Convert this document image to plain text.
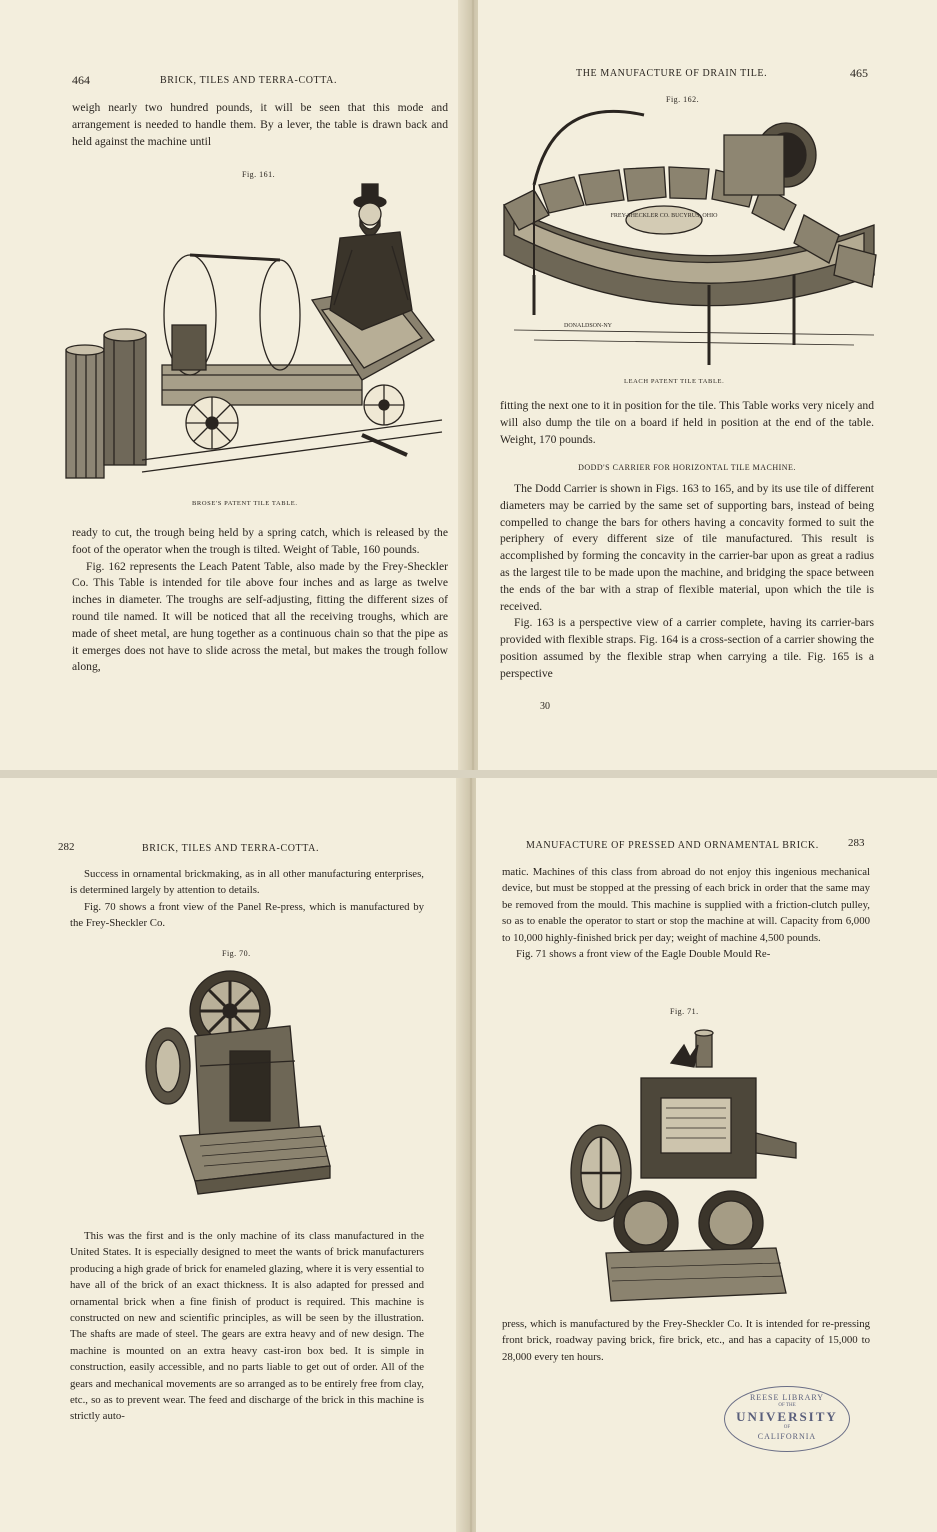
464	BRICK, TILES AND TERRA-COTTA.
weigh nearly two hundred pounds, it will be seen that this mode and arrangement is needed to handle them. By a lever, the table is drawn back and held against the machine until
Fig. 161.
BROSE'S PATENT TILE TABLE.

ready to cut, the trough being held by a spring catch, which is released by the foot of the operator when the trough is tilted. Weight of Table, 160 pounds.

Fig. 162 represents the Leach Patent Table, also made by the Frey-Sheckler Co. This Table is intended for tile above four inches and as large as twelve inches in diameter. The troughs are self-adjusting, fitting the different sizes of round tile named. It will be noticed that all the receiving troughs, which are made of sheet metal, are hung together as a continuous chain so that the pipe as it emerges does not have to slide across the metal, but makes the trough follow along,

THE MANUFACTURE OF DRAIN TILE.	465
Fig. 162.
FREY-SHECKLER CO. BUCYRUS, OHIO
DONALDSON-NY
LEACH PATENT TILE TABLE.
fitting the next one to it in position for the tile. This Table works very nicely and will also dump the tile on a board if held in position at the end of the table. Weight, 170 pounds.
DODD'S CARRIER FOR HORIZONTAL TILE MACHINE.

The Dodd Carrier is shown in Figs. 163 to 165, and by its use tile of different diameters may be carried by the same set of supporting bars, instead of being compelled to change the bars for others having a concavity formed to suit the periphery of every different size of tile manufactured. This result is accomplished by forming the concavity in the carrier-bar upon as great a radius as the largest tile to be made upon the machine, and bridging the space between the ends of the bar with a strap of flexible material, upon which the tile is received.

Fig. 163 is a perspective view of a carrier complete, having its carrier-bars provided with flexible straps. Fig. 164 is a cross-section of a carrier showing the position assumed by the flexible strap when carrying a tile. Fig. 165 is a perspective

30
282	BRICK, TILES AND TERRA-COTTA.

Success in ornamental brickmaking, as in all other manufacturing enterprises, is determined largely by attention to details.

Fig. 70 shows a front view of the Panel Re-press, which is manufactured by the Frey-Sheckler Co.

Fig. 70.
This was the first and is the only machine of its class manufactured in the United States. It is especially designed to meet the wants of brick manufacturers producing a high grade of brick for enameled glazing, where it is very essential to have all of the brick of an exact thickness. It is also adapted for pressed and ornamental brick when a fine finish of product is required. This machine is constructed on new and scientific principles, as will be seen by the illustration. The shafts are made of steel. The gears are extra heavy and of new design. The machine is mounted on an extra heavy cast-iron box bed. It is simple in construction, easily accessible, and no parts liable to get out of order. All of the gears and mechanical movements are so arranged as to be entirely free from clay, etc., so as to prevent wear. The feed and discharge of the brick in this machine is strictly auto-
MANUFACTURE OF PRESSED AND ORNAMENTAL BRICK.	283

matic. Machines of this class from abroad do not enjoy this ingenious mechanical device, but must be stopped at the pressing of each brick in order that the same may be removed from the mould. This machine is supplied with a friction-clutch pulley, so as to enable the operator to start or stop the machine at will. Capacity from 6,000 to 10,000 highly-finished brick per day; weight of machine 4,500 pounds.

Fig. 71 shows a front view of the Eagle Double Mould Re-

Fig. 71.
press, which is manufactured by the Frey-Sheckler Co. It is intended for re-pressing front brick, roadway paving brick, fire brick, etc., and has a capacity of 15,000 to 28,000 every ten hours.
REESE LIBRARY
OF THE
UNIVERSITY
OF
CALIFORNIA
